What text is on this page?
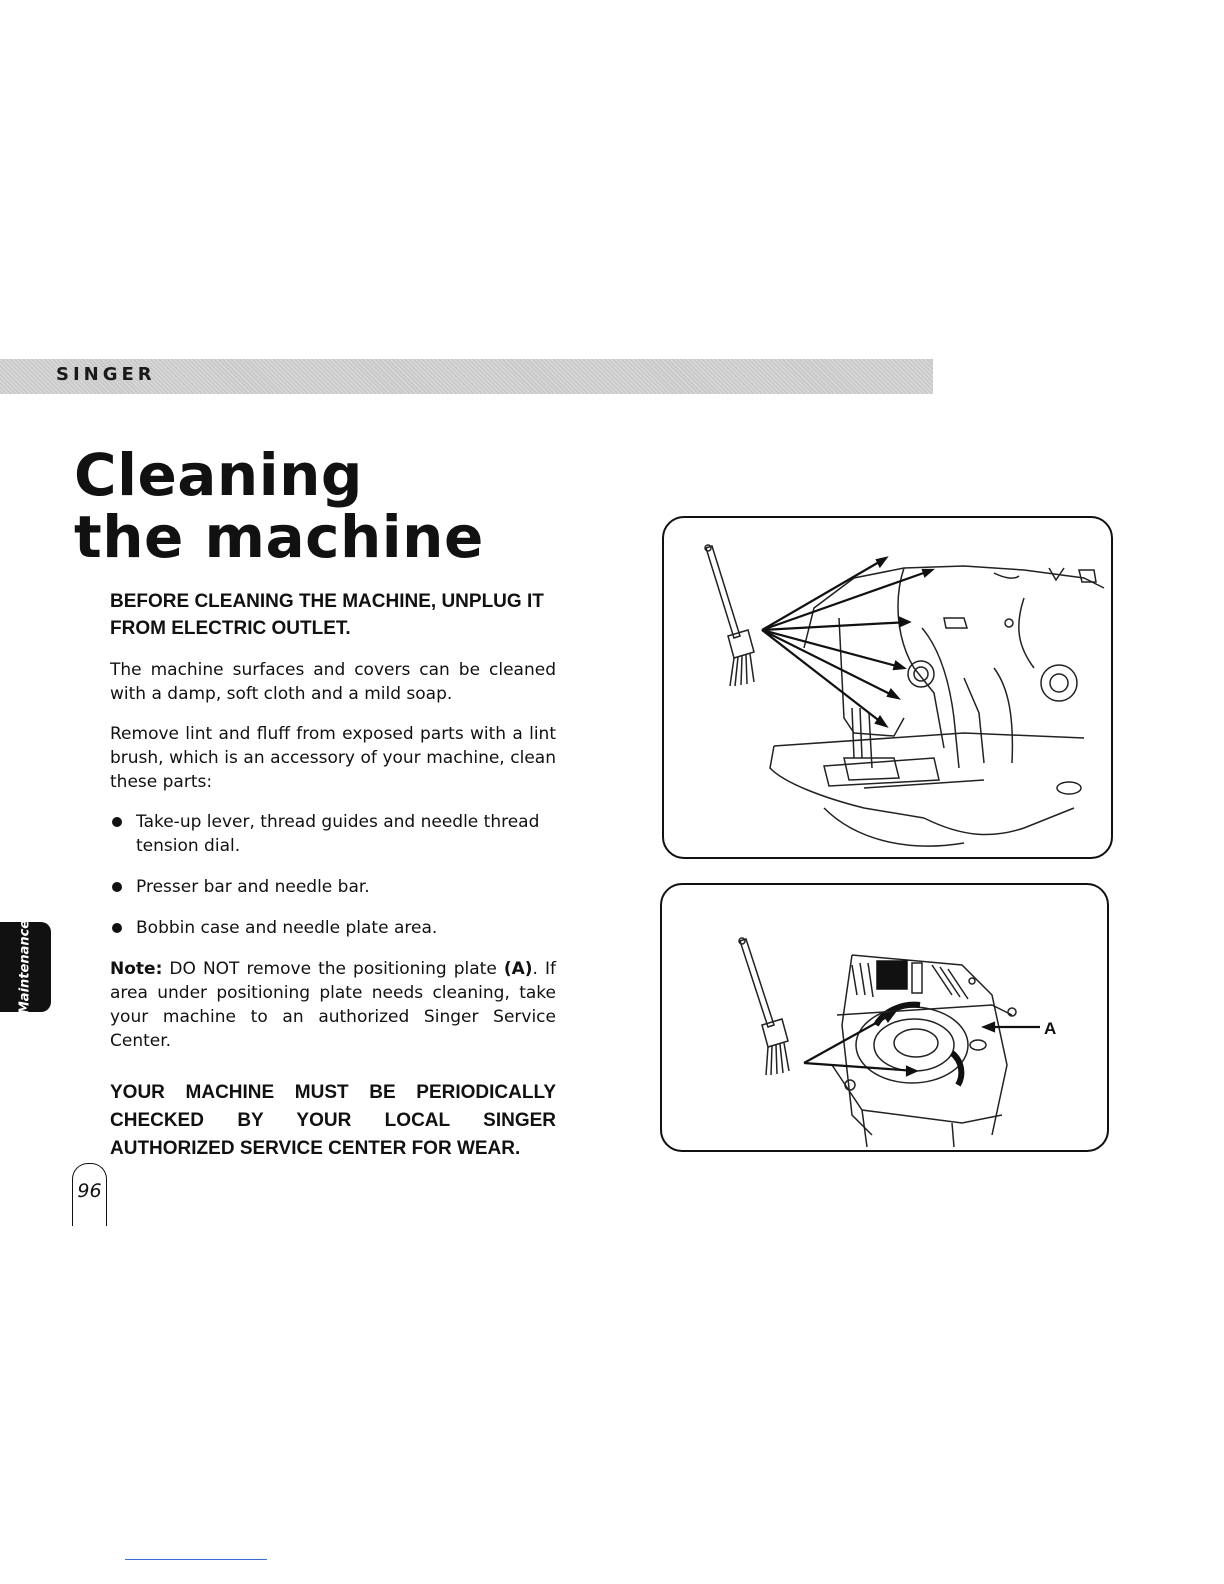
SINGER
Cleaning
the machine

BEFORE CLEANING THE MACHINE, UNPLUG IT
FROM ELECTRIC OUTLET.

The machine surfaces and covers can be cleaned with a damp, soft cloth and a mild soap.

Remove lint and fluff from exposed parts with a lint brush, which is an accessory of your machine, clean these parts:

Take-up lever, thread guides and needle thread tension dial.
Presser bar and needle bar.
Bobbin case and needle plate area.

Note: DO NOT remove the positioning plate (A). If area under positioning plate needs cleaning, take your machine to an authorized Singer Service Center.

YOUR MACHINE MUST BE PERIODICALLY CHECKED BY YOUR LOCAL SINGER AUTHORIZED SERVICE CENTER FOR WEAR.

Maintenance
96
A
